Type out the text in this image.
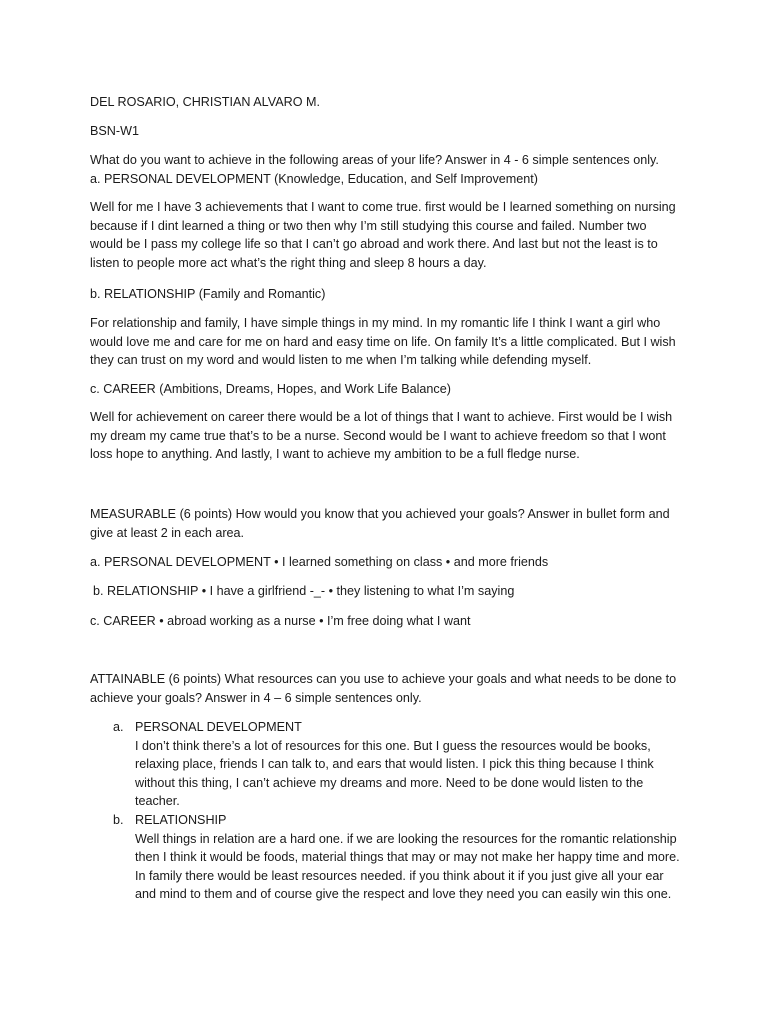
DEL ROSARIO, CHRISTIAN ALVARO M.

BSN-W1

What do you want to achieve in the following areas of your life? Answer in 4 - 6 simple sentences only.

a. PERSONAL DEVELOPMENT (Knowledge, Education, and Self Improvement)

Well for me I have 3 achievements that I want to come true. first would be I learned something on nursing because if I dint learned a thing or two then why I’m still studying this course and failed. Number two would be I pass my college life so that I can’t go abroad and work there. And last but not the least is to listen to people more act what’s the right thing and sleep 8 hours a day.

b. RELATIONSHIP (Family and Romantic)

For relationship and family, I have simple things in my mind. In my romantic life I think I want a girl who would love me and care for me on hard and easy time on life. On family It’s a little complicated. But I wish they can trust on my word and would listen to me when I’m talking while defending myself.

c. CAREER (Ambitions, Dreams, Hopes, and Work Life Balance)

Well for achievement on career there would be a lot of things that I want to achieve. First would be I wish my dream my came true that’s to be a nurse. Second would be I want to achieve freedom so that I wont loss hope to anything. And lastly, I want to achieve my ambition to be a full fledge nurse.

MEASURABLE (6 points) How would you know that you achieved your goals? Answer in bullet form and give at least 2 in each area.

a. PERSONAL DEVELOPMENT • I learned something on class • and more friends

b. RELATIONSHIP • I have a girlfriend -_- • they listening to what I’m saying

c. CAREER • abroad working as a nurse • I’m free doing what I want

ATTAINABLE (6 points) What resources can you use to achieve your goals and what needs to be done to achieve your goals? Answer in 4 – 6 simple sentences only.

a. PERSONAL DEVELOPMENT
I don’t think there’s a lot of resources for this one. But I guess the resources would be books, relaxing place, friends I can talk to, and ears that would listen. I pick this thing because I think without this thing, I can’t achieve my dreams and more. Need to be done would listen to the teacher.
b. RELATIONSHIP
Well things in relation are a hard one. if we are looking the resources for the romantic relationship then I think it would be foods, material things that may or may not make her happy time and more. In family there would be least resources needed. if you think about it if you just give all your ear and mind to them and of course give the respect and love they need you can easily win this one.
